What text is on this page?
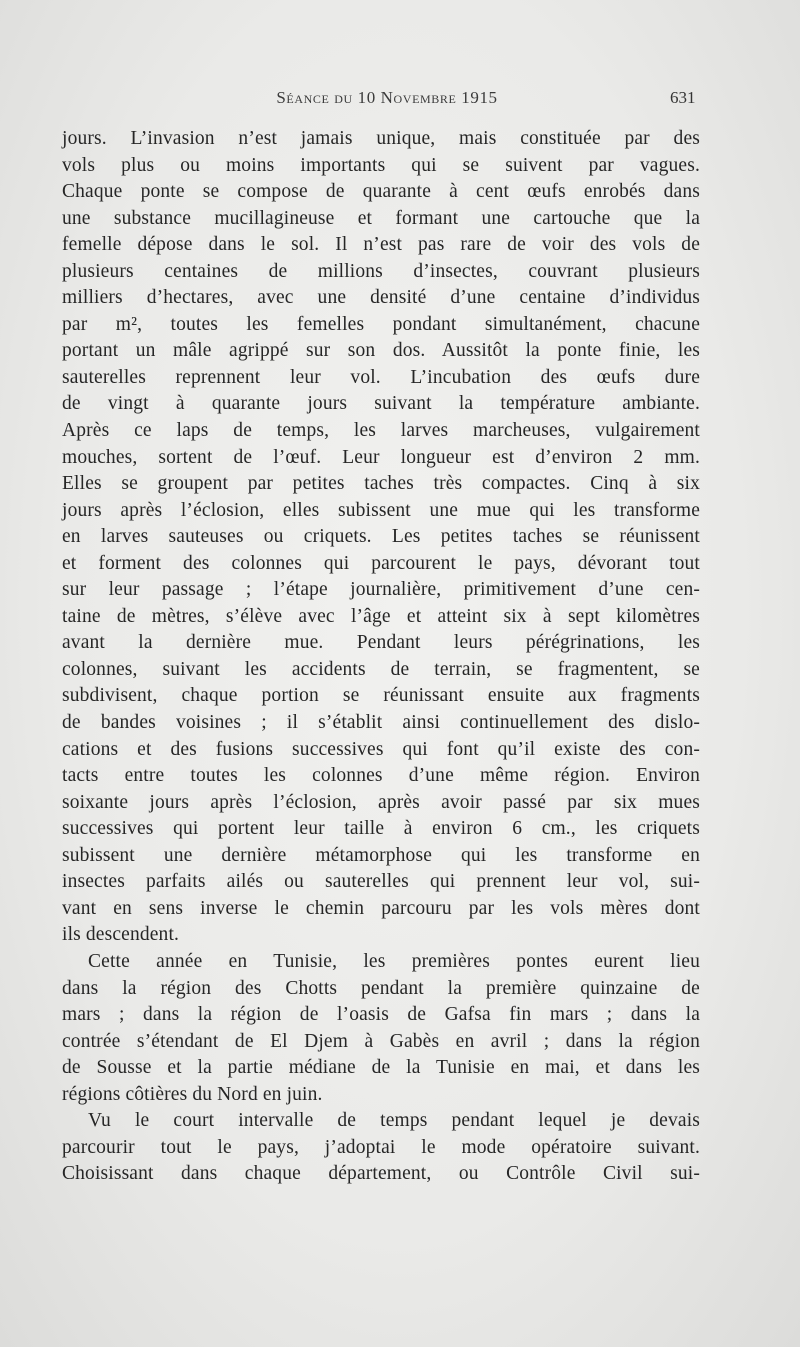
Séance du 10 Novembre 1915	631
jours. L’invasion n’est jamais unique, mais constituée par des
vols plus ou moins importants qui se suivent par vagues.
Chaque ponte se compose de quarante à cent œufs enrobés dans
une substance mucillagineuse et formant une cartouche que la
femelle dépose dans le sol. Il n’est pas rare de voir des vols de
plusieurs centaines de millions d’insectes, couvrant plusieurs
milliers d’hectares, avec une densité d’une centaine d’individus
par m², toutes les femelles pondant simultanément, chacune
portant un mâle agrippé sur son dos. Aussitôt la ponte finie, les
sauterelles reprennent leur vol. L’incubation des œufs dure
de vingt à quarante jours suivant la température ambiante.
Après ce laps de temps, les larves marcheuses, vulgairement
mouches, sortent de l’œuf. Leur longueur est d’environ 2 mm.
Elles se groupent par petites taches très compactes. Cinq à six
jours après l’éclosion, elles subissent une mue qui les transforme
en larves sauteuses ou criquets. Les petites taches se réunissent
et forment des colonnes qui parcourent le pays, dévorant tout
sur leur passage ; l’étape journalière, primitivement d’une cen-
taine de mètres, s’élève avec l’âge et atteint six à sept kilomètres
avant la dernière mue. Pendant leurs pérégrinations, les
colonnes, suivant les accidents de terrain, se fragmentent, se
subdivisent, chaque portion se réunissant ensuite aux fragments
de bandes voisines ; il s’établit ainsi continuellement des dislo-
cations et des fusions successives qui font qu’il existe des con-
tacts entre toutes les colonnes d’une même région. Environ
soixante jours après l’éclosion, après avoir passé par six mues
successives qui portent leur taille à environ 6 cm., les criquets
subissent une dernière métamorphose qui les transforme en
insectes parfaits ailés ou sauterelles qui prennent leur vol, sui-
vant en sens inverse le chemin parcouru par les vols mères dont
ils descendent.
Cette année en Tunisie, les premières pontes eurent lieu
dans la région des Chotts pendant la première quinzaine de
mars ; dans la région de l’oasis de Gafsa fin mars ; dans la
contrée s’étendant de El Djem à Gabès en avril ; dans la région
de Sousse et la partie médiane de la Tunisie en mai, et dans les
régions côtières du Nord en juin.
Vu le court intervalle de temps pendant lequel je devais
parcourir tout le pays, j’adoptai le mode opératoire suivant.
Choisissant dans chaque département, ou Contrôle Civil sui-
